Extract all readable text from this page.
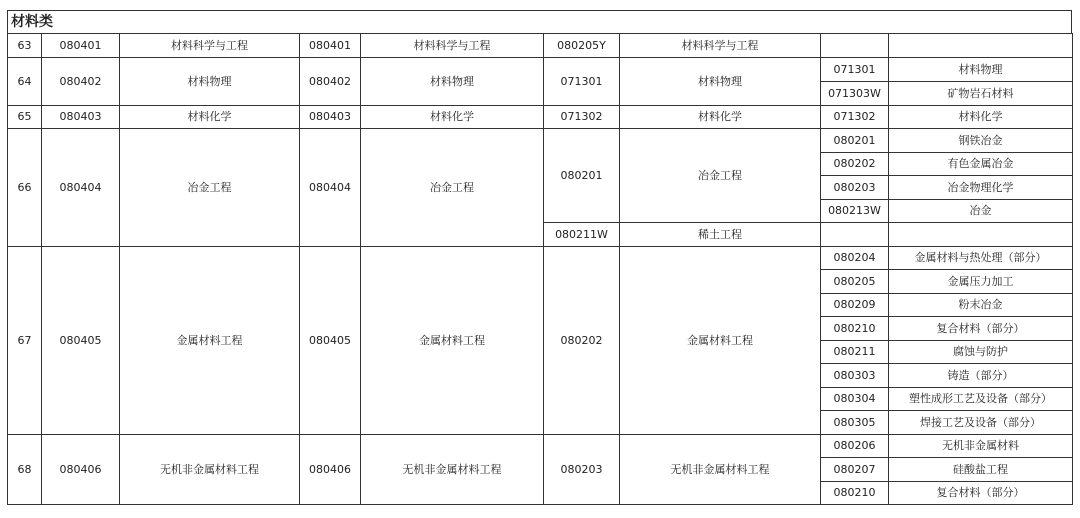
材料类
63	080401	材料科学与工程	080401	材料科学与工程	080205Y	材料科学与工程		
64	080402	材料物理	080402	材料物理	071301	材料物理	071301	材料物理
							071303W	矿物岩石材料
65	080403	材料化学	080403	材料化学	071302	材料化学	071302	材料化学
66	080404	冶金工程	080404	冶金工程	080201	冶金工程	080201	钢铁冶金
							080202	有色金属冶金
							080203	冶金物理化学
							080213W	冶金
					080211W	稀土工程		
67	080405	金属材料工程	080405	金属材料工程	080202	金属材料工程	080204	金属材料与热处理（部分）
							080205	金属压力加工
							080209	粉末冶金
							080210	复合材料（部分）
							080211	腐蚀与防护
							080303	铸造（部分）
							080304	塑性成形工艺及设备（部分）
							080305	焊接工艺及设备（部分）
68	080406	无机非金属材料工程	080406	无机非金属材料工程	080203	无机非金属材料工程	080206	无机非金属材料
							080207	硅酸盐工程
							080210	复合材料（部分）
